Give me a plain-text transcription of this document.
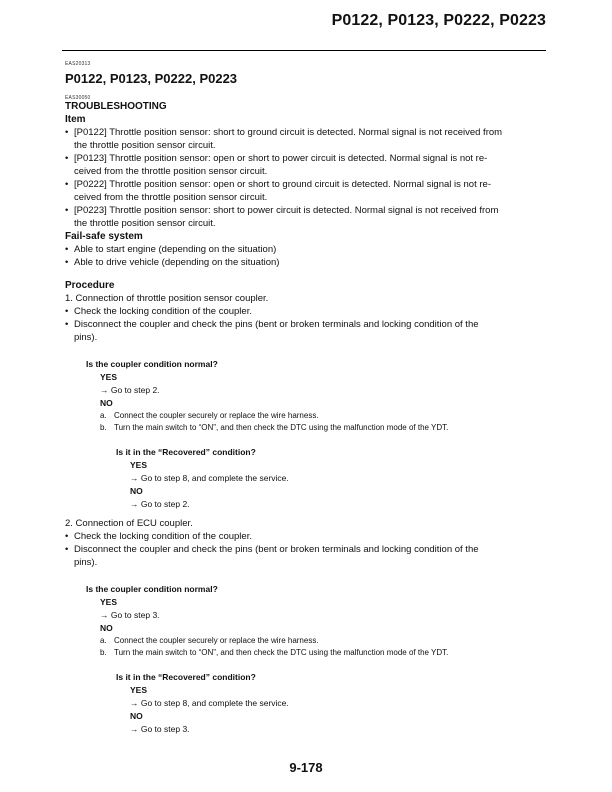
P0122, P0123, P0222, P0223
EAS20313
P0122, P0123, P0222, P0223
EAS30050
TROUBLESHOOTING
Item
• [P0122] Throttle position sensor: short to ground circuit is detected. Normal signal is not received from
the throttle position sensor circuit.
• [P0123] Throttle position sensor: open or short to power circuit is detected. Normal signal is not re-
ceived from the throttle position sensor circuit.
• [P0222] Throttle position sensor: open or short to ground circuit is detected. Normal signal is not re-
ceived from the throttle position sensor circuit.
• [P0223] Throttle position sensor: short to power circuit is detected. Normal signal is not received from
the throttle position sensor circuit.
Fail-safe system
• Able to start engine (depending on the situation)
• Able to drive vehicle (depending on the situation)
Procedure
1. Connection of throttle position sensor coupler.
• Check the locking condition of the coupler.
• Disconnect the coupler and check the pins (bent or broken terminals and locking condition of the
pins).
Is the coupler condition normal?
YES
→ Go to step 2.
NO
a. Connect the coupler securely or replace the wire harness.
b. Turn the main switch to “ON”, and then check the DTC using the malfunction mode of the YDT.
Is it in the “Recovered” condition?
YES
→ Go to step 8, and complete the service.
NO
→ Go to step 2.
2. Connection of ECU coupler.
• Check the locking condition of the coupler.
• Disconnect the coupler and check the pins (bent or broken terminals and locking condition of the
pins).
Is the coupler condition normal?
YES
→ Go to step 3.
NO
a. Connect the coupler securely or replace the wire harness.
b. Turn the main switch to “ON”, and then check the DTC using the malfunction mode of the YDT.
Is it in the “Recovered” condition?
YES
→ Go to step 8, and complete the service.
NO
→ Go to step 3.
9-178
